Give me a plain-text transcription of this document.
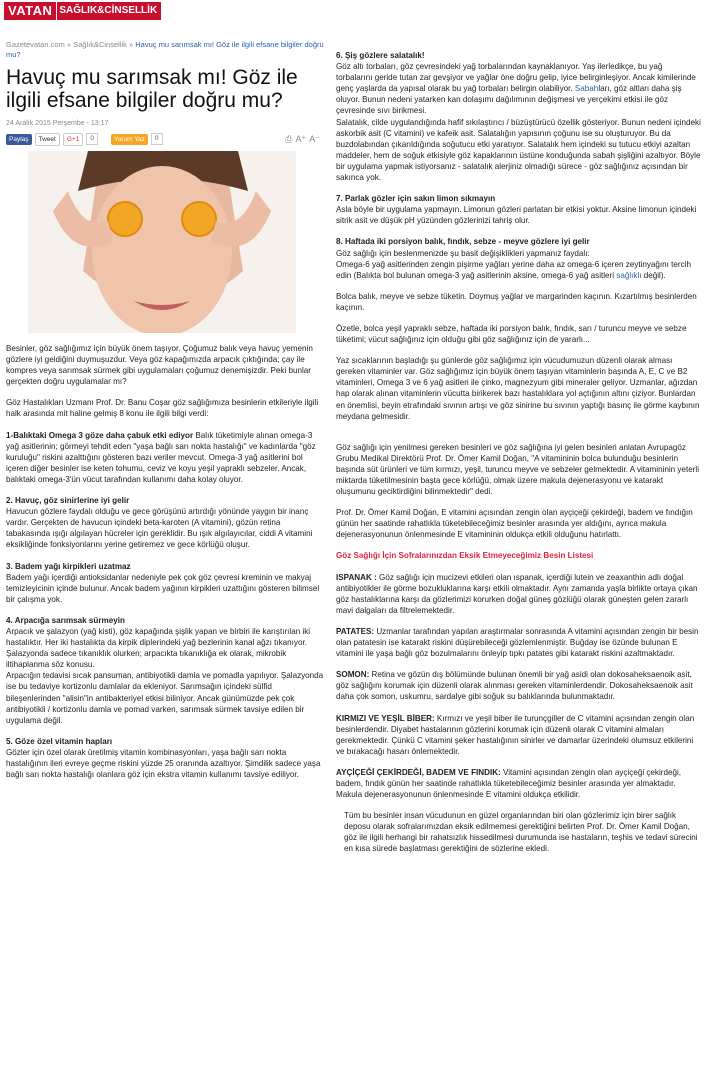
VATAN SAĞLIK&CİNSELLİK
Gazetevatan.com » Sağlık&Cinsellik » Havuç mu sarımsak mı! Göz ile ilgili efsane bilgiler doğru mu?
Havuç mu sarımsak mı! Göz ile ilgili efsane bilgiler doğru mu?
24 Aralık 2015 Perşembe - 13:17
Paylaş	Tweet	G+1	0	Yorum Yaz	0	⎙ A⁺ A⁻

Besinler, göz sağlığımız için büyük önem taşıyor. Çoğumuz balık veya havuç yemenin gözlere iyi geldiğini duymuşuzdur. Veya göz kapağımızda arpacık çıktığında; çay ile kompres veya sarımsak sürmek gibi uygulamaları çoğumuz denemişizdir. Peki bunlar gerçekten doğru uygulamalar mı?

Göz Hastalıkları Uzmanı Prof. Dr. Banu Coşar göz sağlığımıza besinlerin etkileriyle ilgili halk arasında mit haline gelmiş 8 konu ile ilgili bilgi verdi:

1-Balıktaki Omega 3 göze daha çabuk etki ediyor Balık tüketimiyle alınan omega-3 yağ asitlerinin; görmeyi tehdit eden "yaşa bağlı sarı nokta hastalığı" ve kadınlarda "göz kuruluğu" riskini azalttığını gösteren bazı veriler mevcut. Omega-3 yağ asitlerini bol içeren diğer besinler ise keten tohumu, ceviz ve koyu yeşil yapraklı sebzeler. Ancak, balıktaki omega-3'ün vücut tarafından kullanımı daha kolay oluyor.

2. Havuç, göz sinirlerine iyi gelir

Havucun gözlere faydalı olduğu ve gece görüşünü artırdığı yönünde yaygın bir inanç vardır. Gerçekten de havucun içindeki beta-karoten (A vitamini), gözün retina tabakasında ışığı algılayan hücreler için gereklidir. Bu ışık algılayıcılar, ciddi A vitamini eksikliğinde fonksiyonlarını yerine getiremez ve gece körlüğü oluşur.

3. Badem yağı kirpikleri uzatmaz

Badem yağı içerdiği antioksidanlar nedeniyle pek çok göz çevresi kreminin ve makyaj temizleyicinin içinde bulunur. Ancak badem yağının kirpikleri uzattığını gösteren bilimsel bir çalışma yok.

4. Arpacığa sarımsak sürmeyin

Arpacık ve şalazyon (yağ kisti), göz kapağında şişlik yapan ve birbiri ile karıştırılan iki hastalıktır. Her iki hastalıkta da kirpik diplerindeki yağ bezlerinin kanal ağzı tıkanıyor.

Şalazyonda sadece tıkanıklık olurken; arpacıkta tıkanıklığa ek olarak, mikrobik iltihaplanma söz konusu.

Arpacığın tedavisi sıcak pansuman, antibiyotikli damla ve pomadla yapılıyor. Şalazyonda ise bu tedaviye kortizonlu damlalar da ekleniyor. Sarımsağın içindeki sülfid bileşenlerinden "alisin"in antibakteriyel etkisi biliniyor. Ancak günümüzde pek çok antibiyotikli / kortizonlu damla ve pomad varken, sarımsak sürmek tavsiye edilen bir uygulama değil.

5. Göze özel vitamin hapları

Gözler için özel olarak üretilmiş vitamin kombinasyonları, yaşa bağlı sarı nokta hastalığının ileri evreye geçme riskini yüzde 25 oranında azaltıyor. Şimdilik sadece yaşa bağlı sarı nokta hastalığı olanlara göz için ekstra vitamin kullanımı tavsiye ediliyor.

6. Şiş gözlere salatalık!

Göz altı torbaları, göz çevresindeki yağ torbalarından kaynaklanıyor. Yaş ilerledikçe, bu yağ torbalarını geride tutan zar gevşiyor ve yağlar öne doğru gelip, iyice belirginleşiyor. Ancak kimilerinde genç yaşlarda da yapısal olarak bu yağ torbaları belirgin olabiliyor. Sabahları, göz altları daha şiş oluyor. Bunun nedeni yatarken kan dolaşımı dağılımının değişmesi ve yerçekimi etkisi ile göz çevresinde sıvı birikmesi.

Salatalık, cilde uygulandığında hafif sıkılaştırıcı / büzüştürücü özellik gösteriyor. Bunun nedeni içindeki askorbik asit (C vitamini) ve kafeik asit. Salatalığın yapısının çoğunu ise su oluşturuyor. Bu da buzdolabından çıkarıldığında soğutucu etki yaratıyor. Salatalık hem içindeki su tutucu etkiyi azaltan maddeler, hem de soğuk etkisiyle göz kapaklarının üstüne konduğunda sabah şişliğini azaltıyor. Böyle bir uygulama yapmak istiyorsanız - salatalık alerjiniz olmadığı sürece - göz sağlığınız açısından bir sakınca yok.

7. Parlak gözler için sakın limon sıkmayın

Asla böyle bir uygulama yapmayın. Limonun gözleri parlatan bir etkisi yoktur. Aksine limonun içindeki sitrik asit ve düşük pH yüzünden gözlerinizi tahriş olur.

8. Haftada iki porsiyon balık, fındık, sebze - meyve gözlere iyi gelir

Göz sağlığı için beslenmenizde şu basit değişiklikleri yapmanız faydalı:

Omega-6 yağ asitlerinden zengin pişirme yağları yerine daha az omega-6 içeren zeytinyağını tercih edin (Balıkta bol bulunan omega-3 yağ asitlerinin aksine, omega-6 yağ asitleri sağlıklı değil).

Bolca balık, meyve ve sebze tüketin. Doymuş yağlar ve margarinden kaçının. Kızartılmış besinlerden kaçının.

Özetle, bolca yeşil yapraklı sebze, haftada iki porsiyon balık, fındık, sarı / turuncu meyve ve sebze tüketimi; vücut sağlığınız için olduğu gibi göz sağlığınız için de yararlı...

Yaz sıcaklarının başladığı şu günlerde göz sağlığımız için vücudumuzun düzenli olarak alması gereken vitaminler var. Göz sağlığımız için büyük önem taşıyan vitaminlerin başında A, E, C ve B2 vitaminleri, Omega 3 ve 6 yağ asitleri ile çinko, magnezyum gibi mineraler geliyor. Uzmanlar, ağızdan hap olarak alınan vitaminlerin vücutta birikerek bazı hastalıklara yol açtığının altını çiziyor. Bunlardan en önemlisi, beyin etrafındaki sıvının artışı ve göz sinirine bu sıvının yaptığı basınç ile görme kaybının meydana gelmesidir.

Göz sağlığı için yenilmesi gereken besinleri ve göz sağlığına iyi gelen besinleri anlatan Avrupagöz Grubu Medikal Direktörü Prof. Dr. Ömer Kamil Doğan, "A vitamininin bolca bulunduğu besinlerin başında süt ürünleri ve tüm kırmızı, yeşil, turuncu meyve ve sebzeler gelmektedir. A vitamininin yeterli miktarda tüketilmesinin başta gece körlüğü, olmak üzere makula dejenerasyonu ve katarakt oluşumunu geciktirdiğini bilinmektedir" dedi.

Prof. Dr. Ömer Kamil Doğan, E vitamini açısından zengin olan ayçiçeği çekirdeği, badem ve fındığın günün her saatinde rahatlıkla tüketebileceğimiz besinler arasında yer aldığını, ayrıca makula dejenerasyonunun önlenmesinde E vitamininin oldukça etkili olduğunu hatırlattı.

Göz Sağlığı İçin Sofralarınızdan Eksik Etmeyeceğimiz Besin Listesi

ISPANAK : Göz sağlığı için mucizevi etkileri olan ıspanak, içerdiği lutein ve zeaxanthin adlı doğal antibiyotikler ile görme bozukluklarına karşı etkili olmaktadır. Aynı zamanda yaşla birlikte ortaya çıkan göz hastalıklarına karşı da gözlerimizi korurken doğal güneş gözlüğü olarak güneşten gelen zararlı mavi dalgaları da filtrelemektedir.

PATATES: Uzmanlar tarafından yapılan araştırmalar sonrasında A vitamini açısından zengin bir besin olan patatesin ise katarakt riskini düşürebileceği gözlemlenmiştir. Buğday ise özünde bulunan E vitamini ile yaşa bağlı göz bozulmalarını önleyip tıpkı patates gibi katarakt riskini azaltmaktadır.

SOMON: Retina ve gözün dış bölümünde bulunan önemli bir yağ asidi olan dokosaheksaenoik asit, göz sağlığını korumak için düzenli olarak alınması gereken vitaminlerdendir. Dokosaheksaenoik asit daha çok somon, uskumru, sardalye gibi soğuk su balıklarında bulunmaktadır.

KIRMIZI VE YEŞİL BİBER: Kırmızı ve yeşil biber ile turunçgiller de C vitamini açısından zengin olan besinlerdendir. Diyabet hastalarının gözlerini korumak için düzenli olarak C vitamini almaları gerekmektedir. Çünkü C vitamini şeker hastalığının sinirler ve damarlar üzerindeki olumsuz etkilerini ve bırakacağı hasarı önlemektedir.

AYÇİÇEĞİ ÇEKİRDEĞİ, BADEM VE FINDIK: Vitamini açısından zengin olan ayçiçeği çekirdeği, badem, fındık günün her saatinde rahatlıkla tüketebileceğimiz besinler arasında yer almaktadır. Makula dejenerasyonunun önlenmesinde E vitamini oldukça etkilidir.

Tüm bu besinler insan vücudunun en güzel organlarından biri olan gözlerimiz için birer sağlık deposu olarak sofralarımızdan eksik edilmemesi gerektiğini belirten Prof. Dr. Ömer Kamil Doğan, göz ile ilgili herhangi bir rahatsızlık hissedilmesi durumunda ise hastaların, teşhis ve tedavi sürecini en kısa sürede başlatması gerektiğini de sözlerine ekledi.
